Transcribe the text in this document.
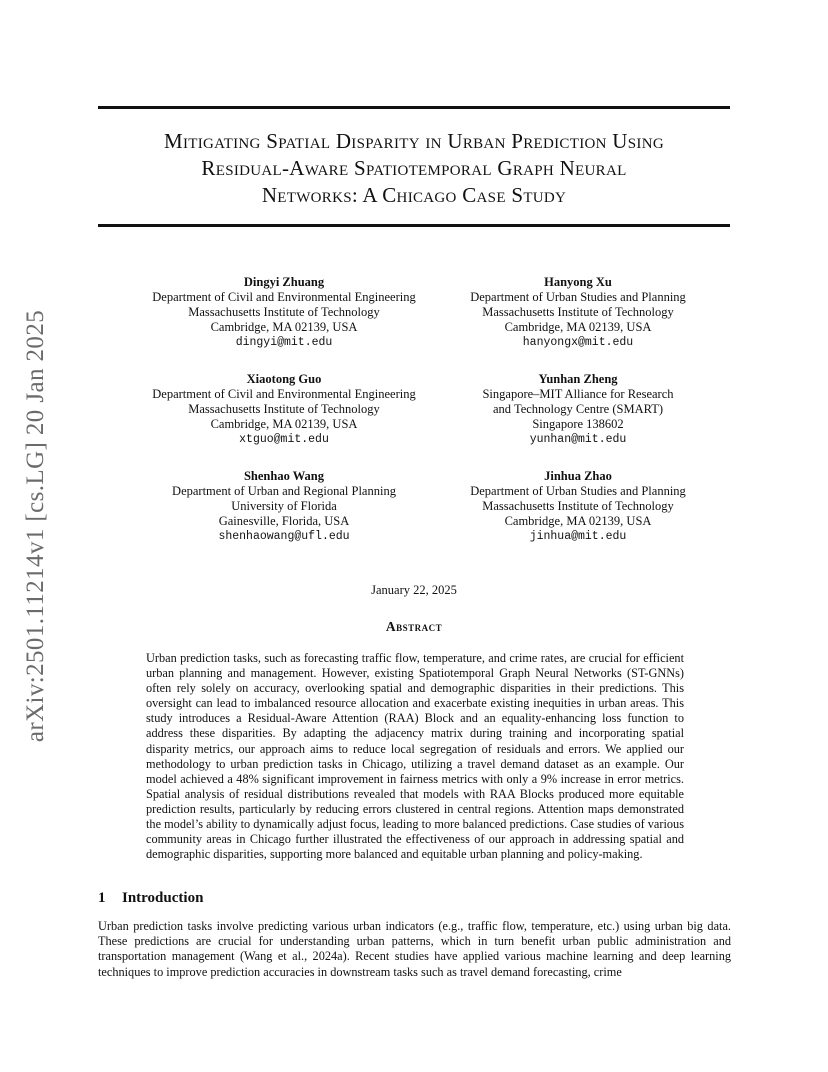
Mitigating Spatial Disparity in Urban Prediction Using
Residual-Aware Spatiotemporal Graph Neural
Networks: A Chicago Case Study
arXiv:2501.11214v1 [cs.LG] 20 Jan 2025
Dingyi Zhuang
Department of Civil and Environmental Engineering
Massachusetts Institute of Technology
Cambridge, MA 02139, USA
dingyi@mit.edu
Hanyong Xu
Department of Urban Studies and Planning
Massachusetts Institute of Technology
Cambridge, MA 02139, USA
hanyongx@mit.edu
Xiaotong Guo
Department of Civil and Environmental Engineering
Massachusetts Institute of Technology
Cambridge, MA 02139, USA
xtguo@mit.edu
Yunhan Zheng
Singapore–MIT Alliance for Research
and Technology Centre (SMART)
Singapore 138602
yunhan@mit.edu
Shenhao Wang
Department of Urban and Regional Planning
University of Florida
Gainesville, Florida, USA
shenhaowang@ufl.edu
Jinhua Zhao
Department of Urban Studies and Planning
Massachusetts Institute of Technology
Cambridge, MA 02139, USA
jinhua@mit.edu
January 22, 2025
Abstract
Urban prediction tasks, such as forecasting traffic flow, temperature, and crime rates, are crucial for efficient urban planning and management. However, existing Spatiotemporal Graph Neural Networks (ST-GNNs) often rely solely on accuracy, overlooking spatial and demographic disparities in their predictions. This oversight can lead to imbalanced resource allocation and exacerbate existing inequities in urban areas. This study introduces a Residual-Aware Attention (RAA) Block and an equality-enhancing loss function to address these disparities. By adapting the adjacency matrix during training and incorporating spatial disparity metrics, our approach aims to reduce local segregation of residuals and errors. We applied our methodology to urban prediction tasks in Chicago, utilizing a travel demand dataset as an example. Our model achieved a 48% significant improvement in fairness metrics with only a 9% increase in error metrics. Spatial analysis of residual distributions revealed that models with RAA Blocks produced more equitable prediction results, particularly by reducing errors clustered in central regions. Attention maps demonstrated the model’s ability to dynamically adjust focus, leading to more balanced predictions. Case studies of various community areas in Chicago further illustrated the effectiveness of our approach in addressing spatial and demographic disparities, supporting more balanced and equitable urban planning and policy-making.
1 Introduction
Urban prediction tasks involve predicting various urban indicators (e.g., traffic flow, temperature, etc.) using urban big data. These predictions are crucial for understanding urban patterns, which in turn benefit urban public administration and transportation management (Wang et al., 2024a). Recent studies have applied various machine learning and deep learning techniques to improve prediction accuracies in downstream tasks such as travel demand forecasting, crime
